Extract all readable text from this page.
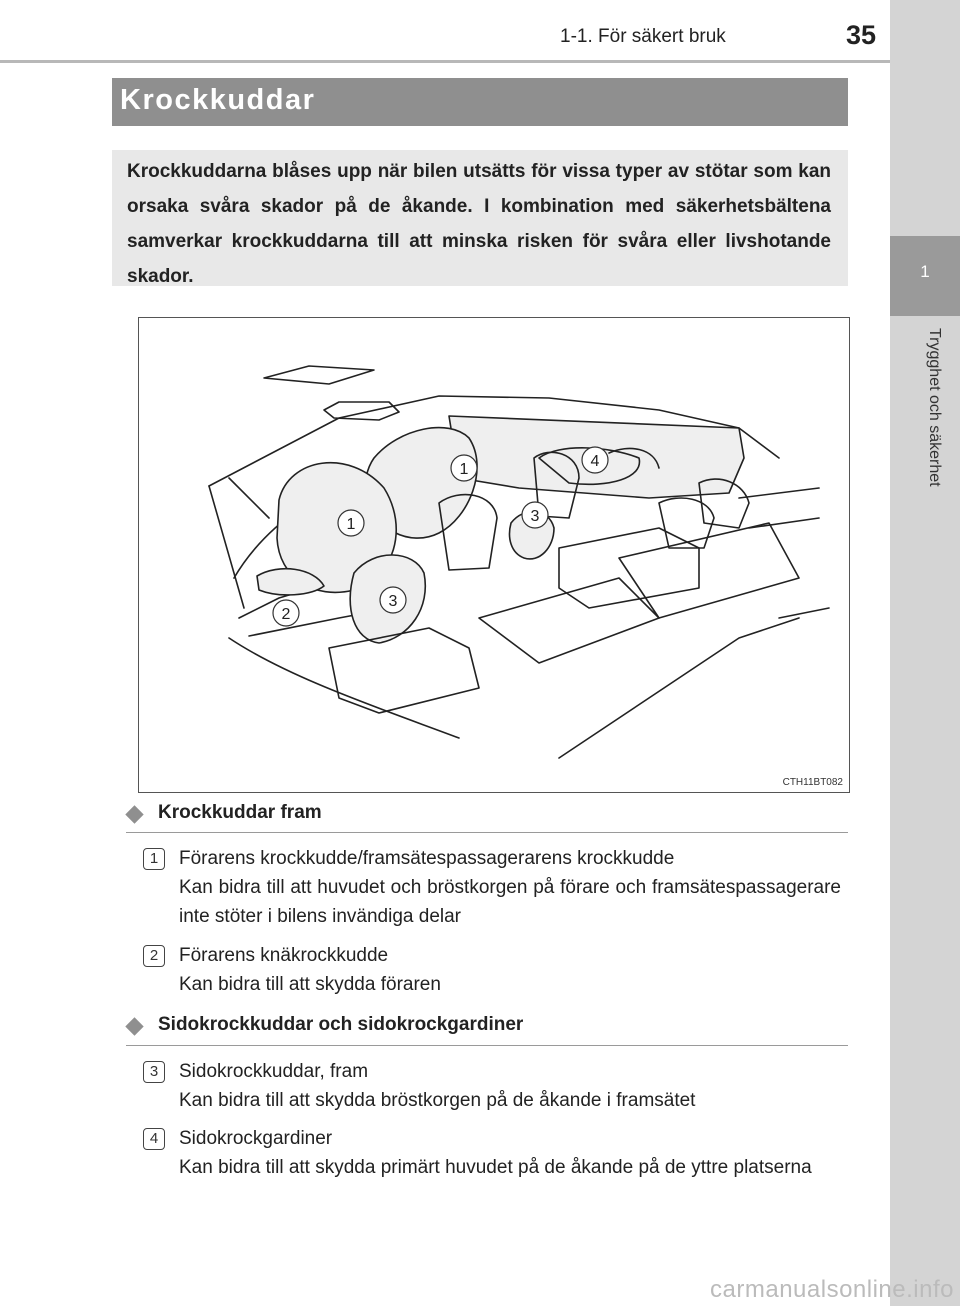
1-1. För säkert bruk	35
1
Trygghet och säkerhet
Krockkuddar
Krockkuddarna blåses upp när bilen utsätts för vissa typer av stötar som kan orsaka svåra skador på de åkande. I kombination med säkerhetsbältena samverkar krockkuddarna till att minska risken för svåra eller livshotande skador.
1
1
2
3
3
4
CTH11BT082
Krockkuddar fram
1	Förarens krockkudde/framsätespassagerarens krockkudde
Kan bidra till att huvudet och bröstkorgen på förare och framsätespassagerare inte stöter i bilens invändiga delar
2	Förarens knäkrockkudde
Kan bidra till att skydda föraren
Sidokrockkuddar och sidokrockgardiner
3	Sidokrockkuddar, fram
Kan bidra till att skydda bröstkorgen på de åkande i framsätet
4	Sidokrockgardiner
Kan bidra till att skydda primärt huvudet på de åkande på de yttre platserna
carmanualsonline.info
